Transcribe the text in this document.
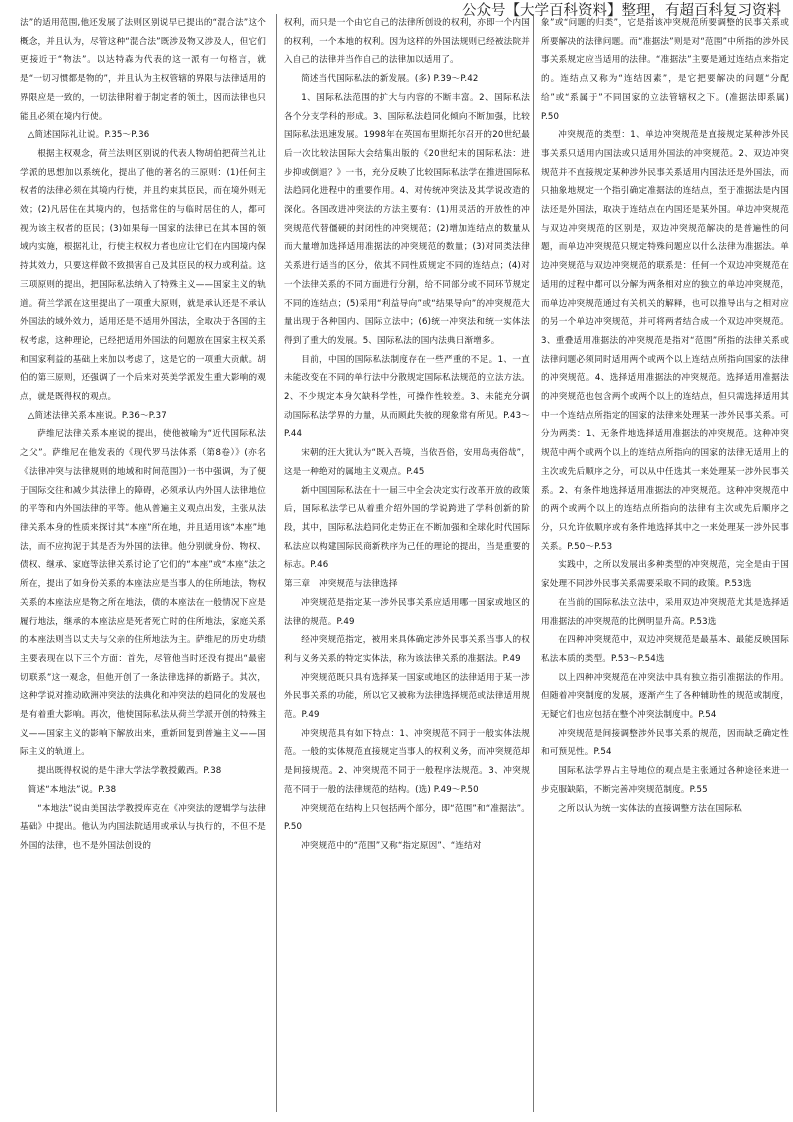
公众号【大学百科资料】整理，有超百科复习资料

法”的适用范围,他还发展了法则区别说早已提出的“混合法”这个概念，并且认为，尽管这种“混合法”既涉及物又涉及人，但它们更接近于“物法”。以达特森为代表的这一派有一句格言，就是“一切习惯都是物的”，并且认为主权管辖的界限与法律适用的界限应是一致的，一切法律附着于制定者的领土，因而法律也只能且必须在境内行使。

△简述国际礼让说。P.35～P.36

根据主权观念，荷兰法则区别说的代表人物胡伯把荷兰礼让学派的思想加以系统化，提出了他的著名的三原则：(1)任何主权者的法律必须在其境内行使，并且约束其臣民，而在境外则无效；(2)凡居住在其境内的，包括常住的与临时居住的人，都可视为该主权者的臣民；(3)如果每一国家的法律已在其本国的领域内实施，根据礼让，行使主权权力者也应让它们在内国境内保持其效力，只要这样做不致损害自己及其臣民的权力或利益。这三项原则的提出，把国际私法纳入了特殊主义——国家主义的轨道。荷兰学派在这里提出了一项重大原则，就是承认还是不承认外国法的域外效力，适用还是不适用外国法，全取决于各国的主权考虑，这种理论，已经把适用外国法的问题放在国家主权关系和国家利益的基础上来加以考虑了，这是它的一项重大贡献。胡伯的第三原则，还强调了一个后来对英美学派发生重大影响的观点，就是既得权的观点。

△简述法律关系本座说。P.36～P.37

萨维尼法律关系本座说的提出，使他被喻为“近代国际私法之父”。萨维尼在他发表的《现代罗马法体系（第8卷）》(亦名《法律冲突与法律规则的地域和时间范围》)一书中强调，为了便于国际交往和减少其法律上的障碍，必须承认内外国人法律地位的平等和内外国法律的平等。他从普遍主义观点出发，主张从法律关系本身的性质来探讨其“本座”所在地，并且适用该“本座”地法，而不应拘泥于其是否为外国的法律。他分别就身份、物权、债权、继承、家庭等法律关系讨论了它们的“本座”或“本座”法之所在，提出了如身份关系的本座法应是当事人的住所地法，物权关系的本座法应是物之所在地法，债的本座法在一般情况下应是履行地法，继承的本座法应是死者死亡时的住所地法，家庭关系的本座法则当以丈夫与父亲的住所地法为主。萨维尼的历史功绩主要表现在以下三个方面：首先，尽管他当时还没有提出“最密切联系”这一观念，但他开创了一条法律选择的新路子。其次，这种学说对推动欧洲冲突法的法典化和冲突法的趋同化的发展也是有着重大影响。再次，他使国际私法从荷兰学派开创的特殊主义——国家主义的影响下解放出来，重新回复到普遍主义——国际主义的轨道上。

提出既得权说的是牛津大学法学教授戴西。P.38

简述“本地法”说。P.38

“本地法”说由美国法学教授库克在《冲突法的逻辑学与法律基础》中提出。他认为内国法院适用或承认与执行的，不但不是外国的法律，也不是外国法创设的

权利，而只是一个由它自己的法律所创设的权利，亦即一个内国的权利，一个本地的权利。因为这样的外国法规则已经被法院并入自己的法律并当作自己的法律加以适用了。

简述当代国际私法的新发展。(多) P.39～P.42

1、国际私法范围的扩大与内容的不断丰富。2、国际私法各个分支学科的形成。3、国际私法趋同化倾向不断加强，比较国际私法迅速发展。1998年在英国布里斯托尔召开的20世纪最后一次比较法国际大会结集出版的《20世纪末的国际私法：进步抑或倒退？》一书，充分反映了比较国际私法学在推进国际私法趋同化进程中的重要作用。4、对传统冲突法及其学说改造的深化。各国改进冲突法的方法主要有：(1)用灵活的开放性的冲突规范代替僵硬的封闭性的冲突规范；(2)增加连结点的数量从而大量增加选择适用准据法的冲突规范的数量；(3)对同类法律关系进行适当的区分，依其不同性质规定不同的连结点；(4)对一个法律关系的不同方面进行分割，给不同部分或不同环节规定不同的连结点；(5)采用“利益导向”或“结果导向”的冲突规范大量出现于各种国内、国际立法中；(6)统一冲突法和统一实体法得到了重大的发展。5、国际私法的国内法典日渐增多。

目前，中国的国际私法制度存在一些严重的不足。1、一直未能改变在不同的单行法中分散规定国际私法规范的立法方法。2、不少规定本身欠缺科学性，可操作性较差。3、未能充分调动国际私法学界的力量，从而顾此失彼的现象常有所见。P.43～P.44

宋朝的汪大犹认为“既入吾境，当依吾俗，安用岛夷俗哉”，这是一种绝对的属地主义观点。P.45

新中国国际私法在十一届三中全会决定实行改革开放的政策后，国际私法学已从着重介绍外国的学说跨进了学科创新的阶段，其中，国际私法趋同化走势正在不断加强和全球化时代国际私法应以构建国际民商新秩序为己任的理论的提出，当是重要的标志。P.46

第三章　冲突规范与法律选择

冲突规范是指定某一涉外民事关系应适用哪一国家或地区的法律的规范。P.49

经冲突规范指定，被用来具体确定涉外民事关系当事人的权利与义务关系的特定实体法，称为该法律关系的准据法。P.49

冲突规范既只具有选择某一国家或地区的法律适用于某一涉外民事关系的功能，所以它又被称为法律选择规范或法律适用规范。P.49

冲突规范具有如下特点：1、冲突规范不同于一般实体法规范。一般的实体规范直接规定当事人的权利义务，而冲突规范却是间接规范。2、冲突规范不同于一般程序法规范。3、冲突规范不同于一般的法律规范的结构。(选) P.49～P.50

冲突规范在结构上只包括两个部分，即“范围”和“准据法”。P.50

冲突规范中的“范围”又称“指定原因”、“连结对

象”或“问题的归类”，它是指该冲突规范所要调整的民事关系或所要解决的法律问题。而“准据法”则是对“范围”中所指的涉外民事关系规定应当适用的法律。“准据法”主要是通过连结点来指定的。连结点又称为“连结因素”，是它把要解决的问题“分配给”或“系属于”不同国家的立法管辖权之下。(准据法即系属) P.50

冲突规范的类型：1、单边冲突规范是直接规定某种涉外民事关系只适用内国法或只适用外国法的冲突规范。2、双边冲突规范并不直接规定某种涉外民事关系适用内国法还是外国法，而只抽象地规定一个指引确定准据法的连结点，至于准据法是内国法还是外国法，取决于连结点在内国还是某外国。单边冲突规范与双边冲突规范的区别是，双边冲突规范解决的是普遍性的问题，而单边冲突规范只规定特殊问题应以什么法律为准据法。单边冲突规范与双边冲突规范的联系是：任何一个双边冲突规范在适用的过程中都可以分解为两条相对应的独立的单边冲突规范，而单边冲突规范通过有关机关的解释，也可以推导出与之相对应的另一个单边冲突规范，并可将两者结合成一个双边冲突规范。3、重叠适用准据法的冲突规范是指对“范围”所指的法律关系或法律问题必须同时适用两个或两个以上连结点所指向国家的法律的冲突规范。4、选择适用准据法的冲突规范。选择适用准据法的冲突规范也包含两个或两个以上的连结点，但只需选择适用其中一个连结点所指定的国家的法律来处理某一涉外民事关系。可分为两类：1、无条件地选择适用准据法的冲突规范。这种冲突规范中两个或两个以上的连结点所指向的国家的法律无适用上的主次或先后顺序之分，可以从中任选其一来处理某一涉外民事关系。2、有条件地选择适用准据法的冲突规范。这种冲突规范中的两个或两个以上的连结点所指向的法律有主次或先后顺序之分，只允许依顺序或有条件地选择其中之一来处理某一涉外民事关系。P.50～P.53

实践中，之所以发展出多种类型的冲突规范，完全是由于国家处理不同涉外民事关系需要采取不同的政策。P.53选

在当前的国际私法立法中，采用双边冲突规范尤其是选择适用准据法的冲突规范的比例明显升高。P.53选

在四种冲突规范中，双边冲突规范是最基本、最能反映国际私法本质的类型。P.53～P.54选

以上四种冲突规范在冲突法中具有独立指引准据法的作用。但随着冲突制度的发展，逐渐产生了各种辅助性的规范或制度，无疑它们也应包括在整个冲突法制度中。P.54

冲突规范是间接调整涉外民事关系的规范，因而缺乏确定性和可预见性。P.54

国际私法学界占主导地位的观点是主张通过各种途径来进一步克服缺陷，不断完善冲突规范制度。P.55

之所以认为统一实体法的直接调整方法在国际私
